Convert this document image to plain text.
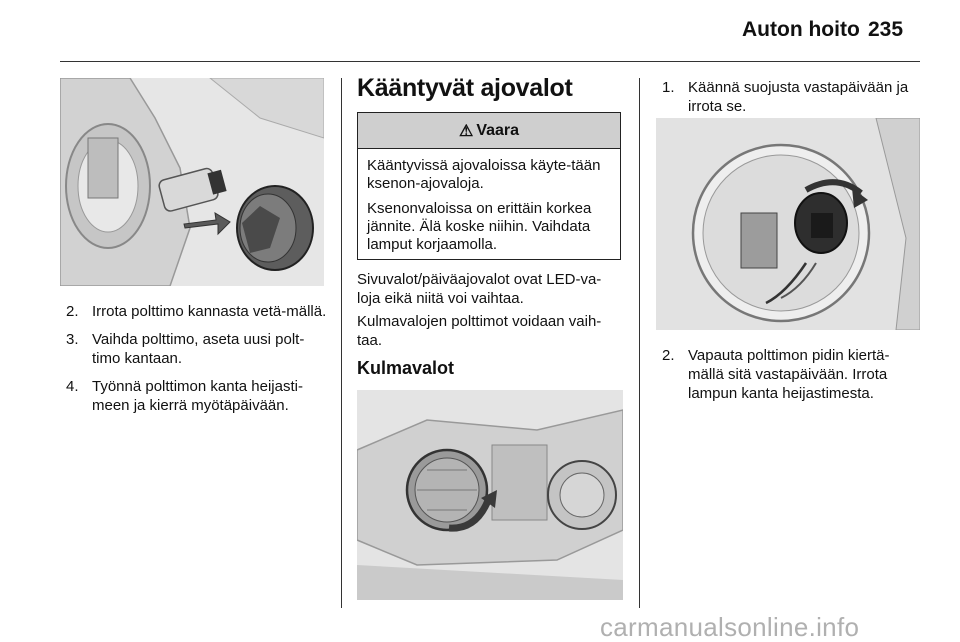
Auton hoito 235
2. Irrota polttimo kannasta vetä-mällä.
3. Vaihda polttimo, aseta uusi polt-timo kantaan.
4. Työnnä polttimon kanta heijasti-meen ja kierrä myötäpäivään.
Kääntyvät ajovalot
⚠ Vaara

Kääntyvissä ajovaloissa käyte-tään ksenon-ajovaloja.

Ksenonvaloissa on erittäin korkea jännite. Älä koske niihin. Vaihdata lamput korjaamolla.

Sivuvalot/päiväajovalot ovat LED-va-loja eikä niitä voi vaihtaa.
Kulmavalojen polttimot voidaan vaih-taa.
Kulmavalot
1. Käännä suojusta vastapäivään ja irrota se.
2. Vapauta polttimon pidin kiertä-mällä sitä vastapäivään. Irrota lampun kanta heijastimesta.
carmanualsonline.info
